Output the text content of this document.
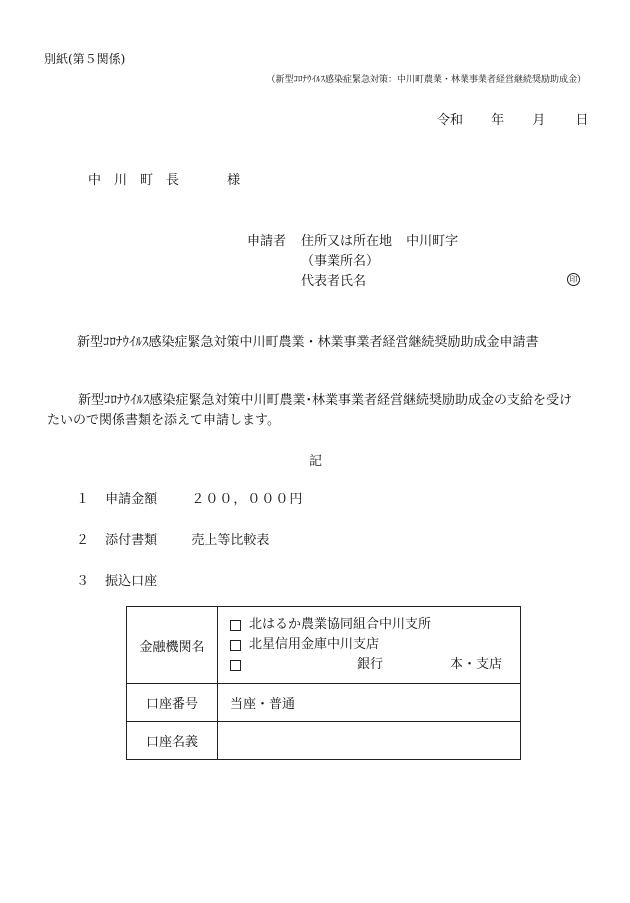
別紙(第５関係)
（新型ｺﾛﾅｳｲﾙｽ感染症緊急対策：中川町農業・林業事業者経営継続奨励助成金）
令和 年 月 日
中　川　町　長	様
申請者 住所又は所在地 中川町字
（事業所名）
代表者氏名	印
新型ｺﾛﾅｳｲﾙｽ感染症緊急対策中川町農業・林業事業者経営継続奨励助成金申請書
新型ｺﾛﾅｳｲﾙｽ感染症緊急対策中川町農業･林業事業者経営継続奨励助成金の支給を受け
たいので関係書類を添えて申請します。
記
１ 申請金額	２００，０００円
２ 添付書類	売上等比較表
３ 振込口座
金融機関名	北はるか農業協同組合中川支所
北星信用金庫中川支店
銀行 本・支店

口座番号	当座・普通
口座名義	
